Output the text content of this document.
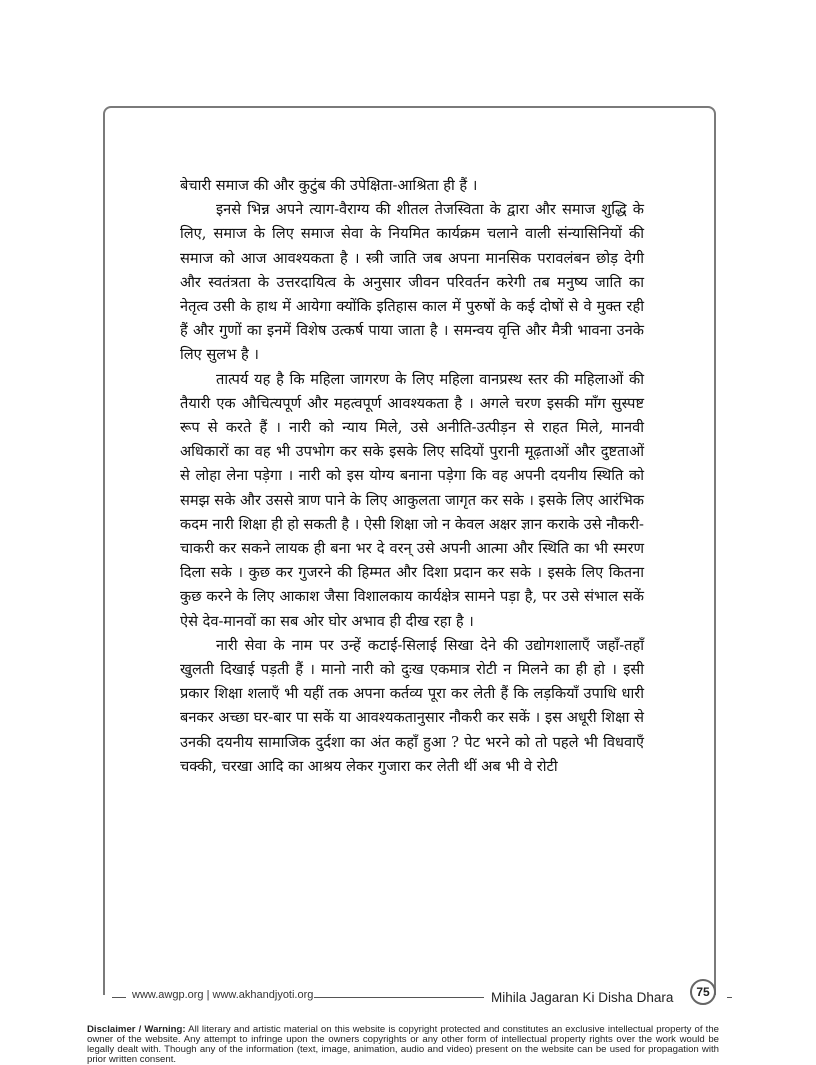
बेचारी समाज की और कुटुंब की उपेक्षिता-आश्रिता ही हैं ।

इनसे भिन्न अपने त्याग-वैराग्य की शीतल तेजस्विता के द्वारा और समाज शुद्धि के लिए, समाज के लिए समाज सेवा के नियमित कार्यक्रम चलाने वाली संन्यासिनियों की समाज को आज आवश्यकता है । स्त्री जाति जब अपना मानसिक परावलंबन छोड़ देगी और स्वतंत्रता के उत्तरदायित्व के अनुसार जीवन परिवर्तन करेगी तब मनुष्य जाति का नेतृत्व उसी के हाथ में आयेगा क्योंकि इतिहास काल में पुरुषों के कई दोषों से वे मुक्त रही हैं और गुणों का इनमें विशेष उत्कर्ष पाया जाता है । समन्वय वृत्ति और मैत्री भावना उनके लिए सुलभ है ।

तात्पर्य यह है कि महिला जागरण के लिए महिला वानप्रस्थ स्तर की महिलाओं की तैयारी एक औचित्यपूर्ण और महत्वपूर्ण आवश्यकता है । अगले चरण इसकी माँग सुस्पष्ट रूप से करते हैं । नारी को न्याय मिले, उसे अनीति-उत्पीड़न से राहत मिले, मानवी अधिकारों का वह भी उपभोग कर सके इसके लिए सदियों पुरानी मूढ़ताओं और दुष्टताओं से लोहा लेना पड़ेगा । नारी को इस योग्य बनाना पड़ेगा कि वह अपनी दयनीय स्थिति को समझ सके और उससे त्राण पाने के लिए आकुलता जागृत कर सके । इसके लिए आरंभिक कदम नारी शिक्षा ही हो सकती है । ऐसी शिक्षा जो न केवल अक्षर ज्ञान कराके उसे नौकरी-चाकरी कर सकने लायक ही बना भर दे वरन् उसे अपनी आत्मा और स्थिति का भी स्मरण दिला सके । कुछ कर गुजरने की हिम्मत और दिशा प्रदान कर सके । इसके लिए कितना कुछ करने के लिए आकाश जैसा विशालकाय कार्यक्षेत्र सामने पड़ा है, पर उसे संभाल सकें ऐसे देव-मानवों का सब ओर घोर अभाव ही दीख रहा है ।

नारी सेवा के नाम पर उन्हें कटाई-सिलाई सिखा देने की उद्योगशालाएँ जहाँ-तहाँ खुलती दिखाई पड़ती हैं । मानो नारी को दुःख एकमात्र रोटी न मिलने का ही हो । इसी प्रकार शिक्षा शलाएँ भी यहीं तक अपना कर्तव्य पूरा कर लेती हैं कि लड़कियाँ उपाधि धारी बनकर अच्छा घर-बार पा सकें या आवश्यकतानुसार नौकरी कर सकें । इस अधूरी शिक्षा से उनकी दयनीय सामाजिक दुर्दशा का अंत कहाँ हुआ ? पेट भरने को तो पहले भी विधवाएँ चक्की, चरखा आदि का आश्रय लेकर गुजारा कर लेती थीं अब भी वे रोटी

www.awgp.org | www.akhandjyoti.org	Mihila Jagaran Ki Disha Dhara	75
Disclaimer / Warning: All literary and artistic material on this website is copyright protected and constitutes an exclusive intellectual property of the owner of the website. Any attempt to infringe upon the owners copyrights or any other form of intellectual property rights over the work would be legally dealt with. Though any of the information (text, image, animation, audio and video) present on the website can be used for propagation with prior written consent.
